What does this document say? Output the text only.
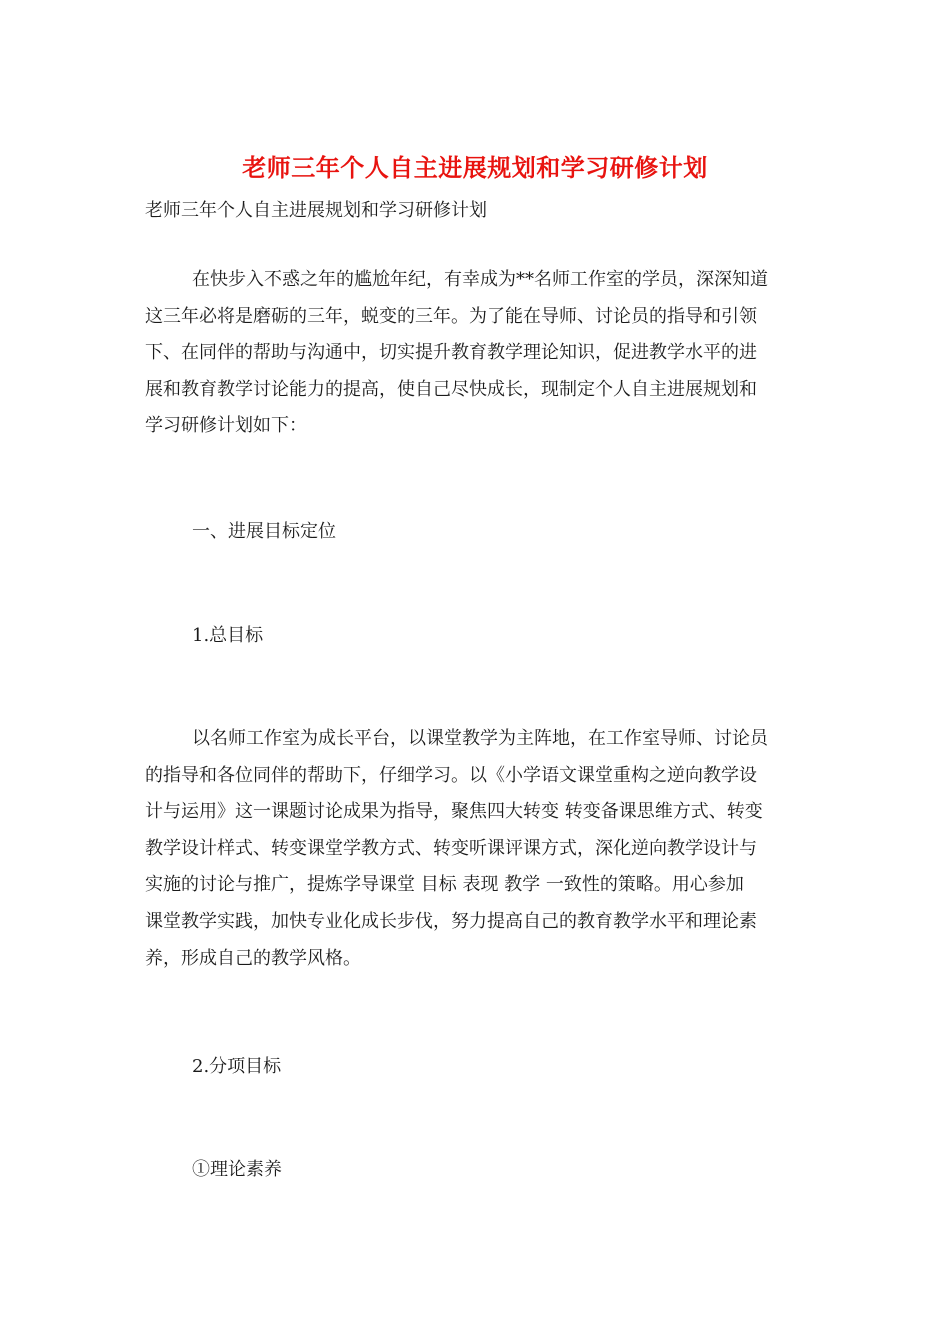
老师三年个人自主进展规划和学习研修计划
老师三年个人自主进展规划和学习研修计划

在快步入不惑之年的尴尬年纪，有幸成为**名师工作室的学员，深深知道
这三年必将是磨砺的三年，蜕变的三年。为了能在导师、讨论员的指导和引领
下、在同伴的帮助与沟通中，切实提升教育教学理论知识，促进教学水平的进
展和教育教学讨论能力的提高，使自己尽快成长，现制定个人自主进展规划和
学习研修计划如下：

一、进展目标定位
1.总目标

以名师工作室为成长平台，以课堂教学为主阵地，在工作室导师、讨论员
的指导和各位同伴的帮助下，仔细学习。以《小学语文课堂重构之逆向教学设
计与运用》这一课题讨论成果为指导，聚焦四大转变 转变备课思维方式、转变
教学设计样式、转变课堂学教方式、转变听课评课方式，深化逆向教学设计与
实施的讨论与推广，提炼学导课堂 目标 表现 教学 一致性的策略。用心参加
课堂教学实践，加快专业化成长步伐，努力提高自己的教育教学水平和理论素
养，形成自己的教学风格。

2.分项目标
①理论素养
